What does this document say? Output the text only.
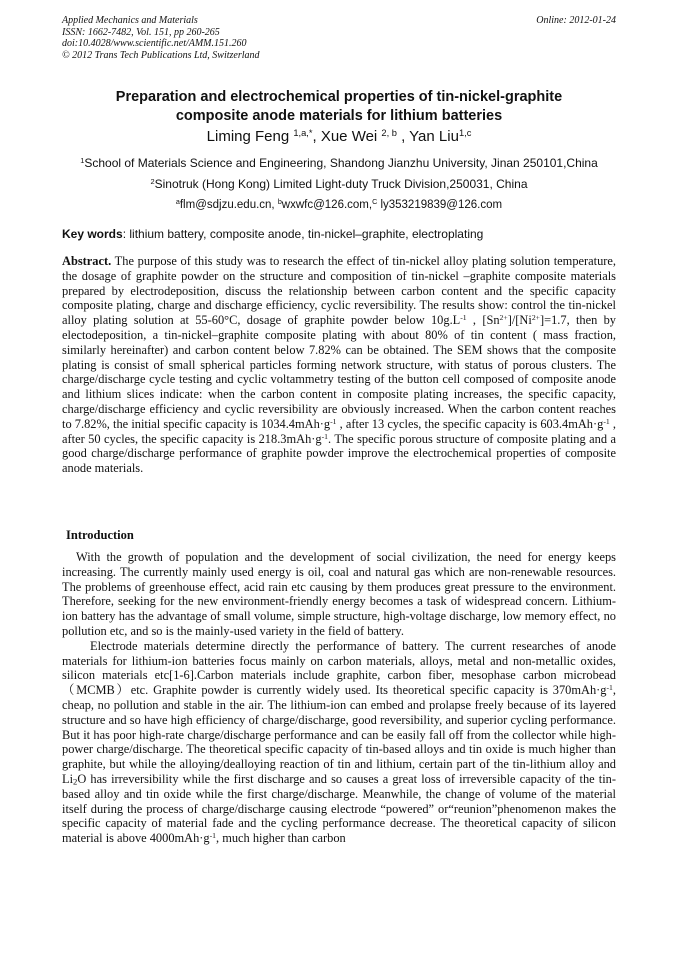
Applied Mechanics and Materials
ISSN: 1662-7482, Vol. 151, pp 260-265
doi:10.4028/www.scientific.net/AMM.151.260
© 2012 Trans Tech Publications Ltd, Switzerland
Online: 2012-01-24
Preparation and electrochemical properties of tin-nickel-graphite
composite anode materials for lithium batteries
Liming Feng $^{1,a,*}$, Xue Wei $^{2, b}$ , Yan Liu$^{1,c}$
$^1$School of Materials Science and Engineering, Shandong Jianzhu University, Jinan 250101,China
$^2$Sinotruk (Hong Kong) Limited Light-duty Truck Division,250031, China
$^a$flm@sdjzu.edu.cn, $^b$wxwfc@126.com,$^C$ ly353219839@126.com
Key words: lithium battery, composite anode, tin-nickel–graphite, electroplating
Abstract. The purpose of this study was to research the effect of tin-nickel alloy plating solution temperature, the dosage of graphite powder on the structure and composition of tin-nickel –graphite composite materials prepared by electrodeposition, discuss the relationship between carbon content and the specific capacity composite plating, charge and discharge efficiency, cyclic reversibility. The results show: control the tin-nickel alloy plating solution at 55-60°C, dosage of graphite powder below $10g.L^{-1}$ , $[Sn^{2+}]/[Ni^{2+}]=1.7$, then by electodeposition, a tin-nickel–graphite composite plating with about 80% of tin content ( mass fraction, similarly hereinafter) and carbon content below 7.82% can be obtained. The SEM shows that the composite plating is consist of small spherical particles forming network structure, with status of porous clusters. The charge/discharge cycle testing and cyclic voltammetry testing of the button cell composed of composite anode and lithium slices indicate: when the carbon content in composite plating increases, the specific capacity, charge/discharge efficiency and cyclic reversibility are obviously increased. When the carbon content reaches to 7.82%, the initial specific capacity is $1034.4mAh\cdot g^{-1}$ , after 13 cycles, the specific capacity is $603.4mAh\cdot g^{-1}$ , after 50 cycles, the specific capacity is $218.3mAh\cdot g^{-1}$. The specific porous structure of composite plating and a good charge/discharge performance of graphite powder improve the electrochemical properties of composite anode materials.
Introduction

With the growth of population and the development of social civilization, the need for energy keeps increasing. The currently mainly used energy is oil, coal and natural gas which are non-renewable resources. The problems of greenhouse effect, acid rain etc causing by them produces great pressure to the environment. Therefore, seeking for the new environment-friendly energy becomes a task of widespread concern. Lithium-ion battery has the advantage of small volume, simple structure, high-voltage discharge, low memory effect, no pollution etc, and so is the mainly-used variety in the field of battery.

Electrode materials determine directly the performance of battery. The current researches of anode materials for lithium-ion batteries focus mainly on carbon materials, alloys, metal and non-metallic oxides, silicon materials etc[1-6].Carbon materials include graphite, carbon fiber, mesophase carbon microbead（MCMB）etc. Graphite powder is currently widely used. Its theoretical specific capacity is $370mAh\cdot g^{-1}$, cheap, no pollution and stable in the air. The lithium-ion can embed and prolapse freely because of its layered structure and so have high efficiency of charge/discharge, good reversibility, and superior cycling performance. But it has poor high-rate charge/discharge performance and can be easily fall off from the collector while high-power charge/discharge. The theoretical specific capacity of tin-based alloys and tin oxide is much higher than graphite, but while the alloying/dealloying reaction of tin and lithium, certain part of the tin-lithium alloy and $Li_2O$ has irreversibility while the first discharge and so causes a great loss of irreversible capacity of the tin-based alloy and tin oxide while the first charge/discharge. Meanwhile, the change of volume of the material itself during the process of charge/discharge causing electrode “powered” or“reunion”phenomenon makes the specific capacity of material fade and the cycling performance decrease. The theoretical capacity of silicon material is above $4000mAh\cdot g^{-1}$, much higher than carbon
